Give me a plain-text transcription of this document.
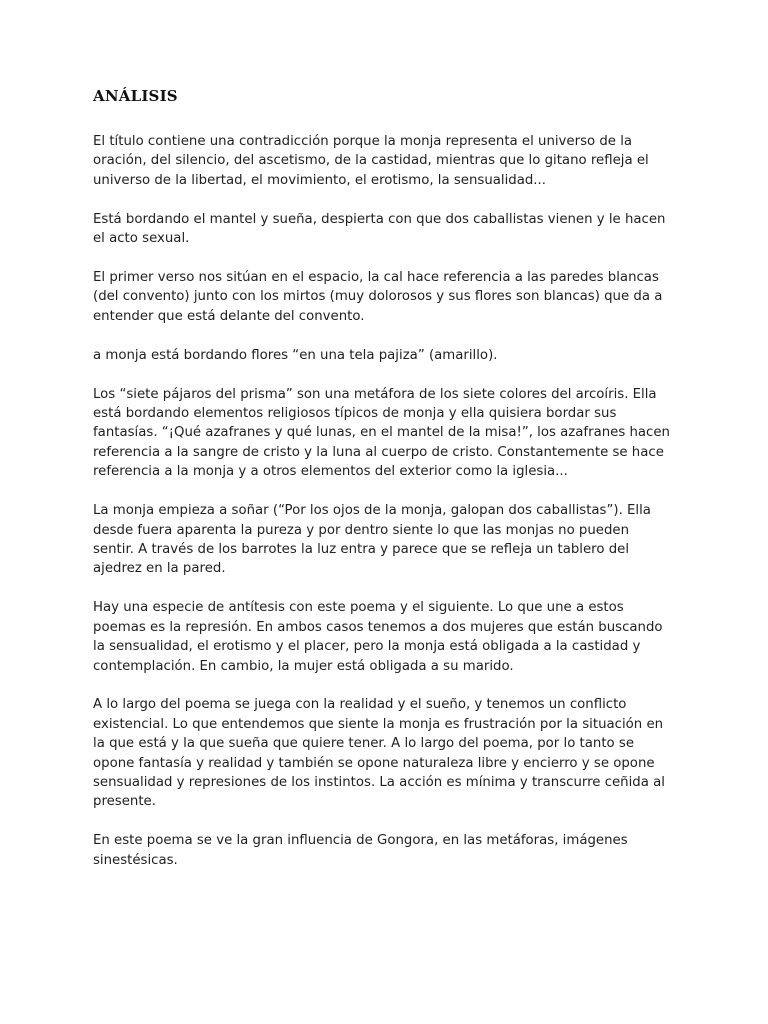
ANÁLISIS

El título contiene una contradicción porque la monja representa el universo de la oración, del silencio, del ascetismo, de la castidad, mientras que lo gitano refleja el universo de la libertad, el movimiento, el erotismo, la sensualidad...

Está bordando el mantel y sueña, despierta con que dos caballistas vienen y le hacen el acto sexual.

El primer verso nos sitúan en el espacio, la cal hace referencia a las paredes blancas (del convento) junto con los mirtos (muy dolorosos y sus flores son blancas) que da a entender que está delante del convento.

a monja está bordando flores “en una tela pajiza” (amarillo).

Los “siete pájaros del prisma” son una metáfora de los siete colores del arcoíris. Ella está bordando elementos religiosos típicos de monja y ella quisiera bordar sus fantasías. “¡Qué azafranes y qué lunas, en el mantel de la misa!”, los azafranes hacen referencia a la sangre de cristo y la luna al cuerpo de cristo. Constantemente se hace referencia a la monja y a otros elementos del exterior como la iglesia...

La monja empieza a soñar (“Por los ojos de la monja, galopan dos caballistas”). Ella desde fuera aparenta la pureza y por dentro siente lo que las monjas no pueden sentir. A través de los barrotes la luz entra y parece que se refleja un tablero del ajedrez en la pared.

Hay una especie de antítesis con este poema y el siguiente. Lo que une a estos poemas es la represión. En ambos casos tenemos a dos mujeres que están buscando la sensualidad, el erotismo y el placer, pero la monja está obligada a la castidad y contemplación. En cambio, la mujer está obligada a su marido.

A lo largo del poema se juega con la realidad y el sueño, y tenemos un conflicto existencial. Lo que entendemos que siente la monja es frustración por la situación en la que está y la que sueña que quiere tener. A lo largo del poema, por lo tanto se opone fantasía y realidad y también se opone naturaleza libre y encierro y se opone sensualidad y represiones de los instintos. La acción es mínima y transcurre ceñida al presente.

En este poema se ve la gran influencia de Gongora, en las metáforas, imágenes sinestésicas.
